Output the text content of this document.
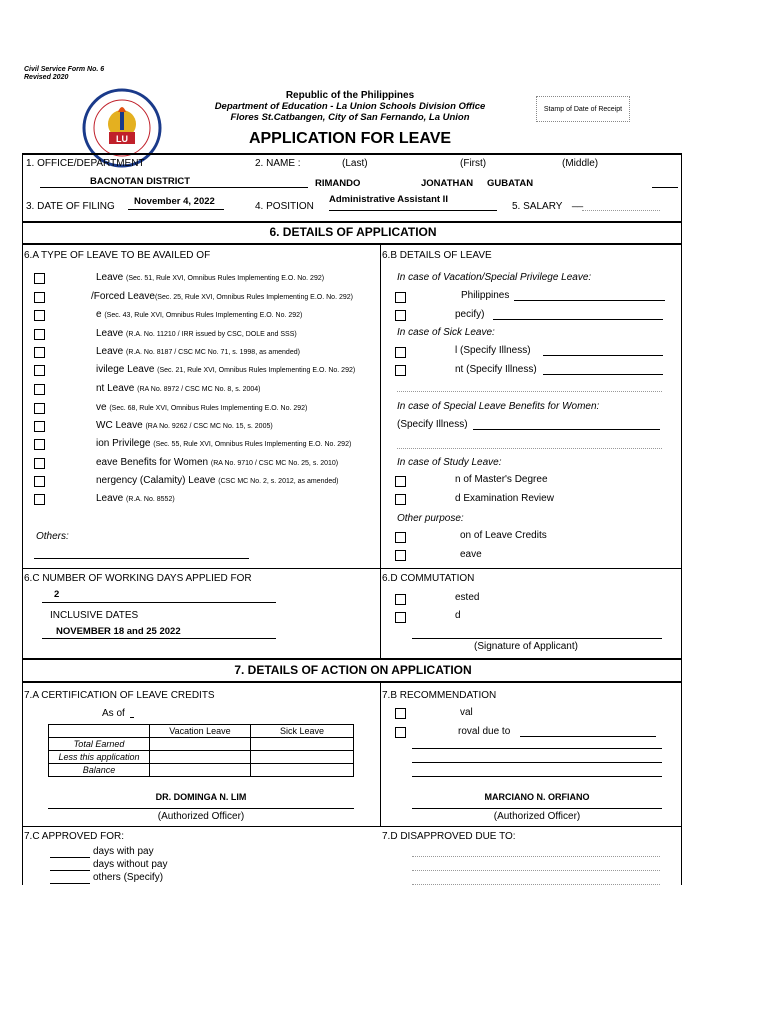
Civil Service Form No. 6
Revised 2020
LU
Republic of the Philippines
Department of Education - La Union Schools Division Office
Flores St.Catbangen, City of San Fernando, La Union
Stamp of Date of Receipt
APPLICATION FOR LEAVE
1. OFFICE/DEPARTMENT
BACNOTAN DISTRICT
2. NAME :	(Last)	(First)	(Middle)
RIMANDO	JONATHAN GUBATAN
3. DATE OF FILING November 4, 2022	4. POSITION
Administrative Assistant II
5. SALARY __
6. DETAILS OF APPLICATION
6.A TYPE OF LEAVE TO BE AVAILED OF	6.B DETAILS OF LEAVE
Leave (Sec. 51, Rule XVI, Omnibus Rules Implementing E.O. No. 292)
/Forced Leave(Sec. 25, Rule XVI, Omnibus Rules Implementing E.O. No. 292)
e (Sec. 43, Rule XVI, Omnibus Rules Implementing E.O. No. 292)
Leave (R.A. No. 11210 / IRR issued by CSC, DOLE and SSS)
Leave (R.A. No. 8187 / CSC MC No. 71, s. 1998, as amended)
ivilege Leave (Sec. 21, Rule XVI, Omnibus Rules Implementing E.O. No. 292)
nt Leave (RA No. 8972 / CSC MC No. 8, s. 2004)
ve (Sec. 68, Rule XVI, Omnibus Rules Implementing E.O. No. 292)
WC Leave (RA No. 9262 / CSC MC No. 15, s. 2005)
ion Privilege (Sec. 55, Rule XVI, Omnibus Rules Implementing E.O. No. 292)
eave Benefits for Women (RA No. 9710 / CSC MC No. 25, s. 2010)
nergency (Calamity) Leave (CSC MC No. 2, s. 2012, as amended)
Leave (R.A. No. 8552)
Others:
In case of Vacation/Special Privilege Leave:
Philippines
pecify)
In case of Sick Leave:
l (Specify Illness)
nt (Specify Illness)
In case of Special Leave Benefits for Women:
(Specify Illness)
In case of Study Leave:
n of Master's Degree
d Examination Review
Other purpose:
on of Leave Credits
eave
6.C NUMBER OF WORKING DAYS APPLIED FOR
2
INCLUSIVE DATES
NOVEMBER 18 and 25 2022
6.D COMMUTATION
ested
d
(Signature of Applicant)
7. DETAILS OF ACTION ON APPLICATION
7.A CERTIFICATION OF LEAVE CREDITS
As of
	Vacation Leave	Sick Leave
Total Earned		
Less this application		
Balance		
DR. DOMINGA N. LIM
(Authorized Officer)
7.B RECOMMENDATION
val
roval due to
MARCIANO N. ORFIANO
(Authorized Officer)
7.C APPROVED FOR:
days with pay
days without pay
others (Specify)
7.D DISAPPROVED DUE TO:
